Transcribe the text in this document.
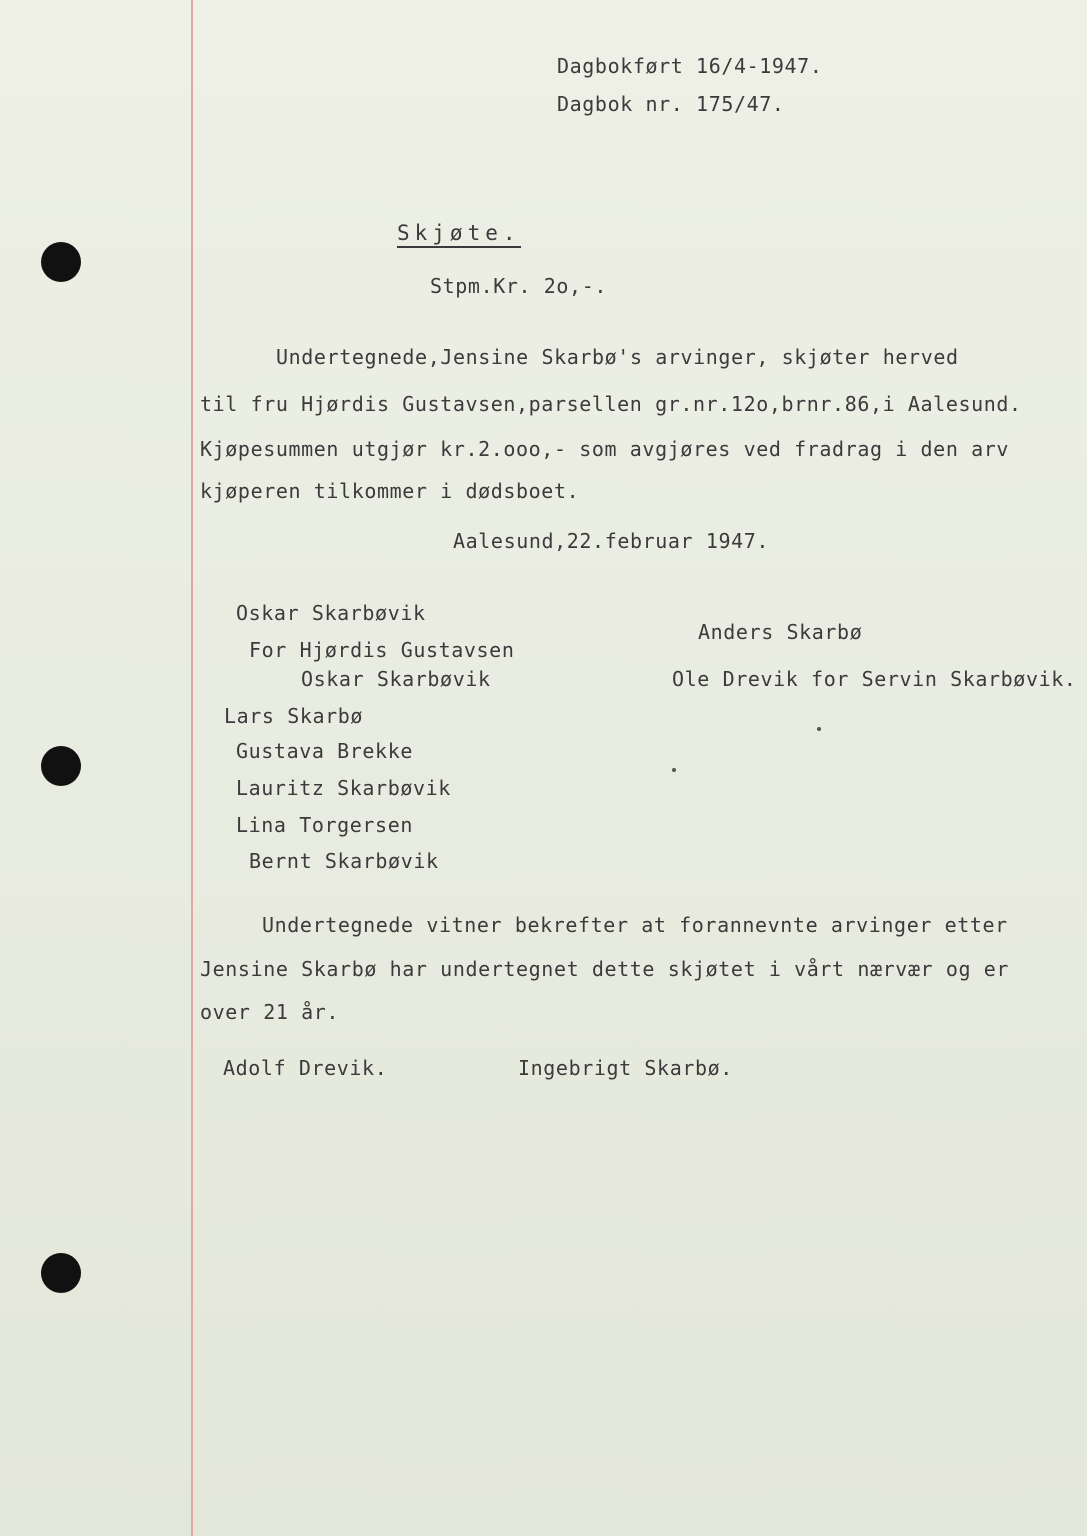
Dagbokført 16/4-1947.
Dagbok nr. 175/47.
Skjøte.
Stpm.Kr. 2o,-.
Undertegnede,Jensine Skarbø's arvinger, skjøter herved
til fru Hjørdis Gustavsen,parsellen gr.nr.12o,brnr.86,i Aalesund.
Kjøpesummen utgjør kr.2.ooo,- som avgjøres ved fradrag i den arv
kjøperen tilkommer i dødsboet.
Aalesund,22.februar 1947.
Oskar Skarbøvik
For Hjørdis Gustavsen
Oskar Skarbøvik
Lars Skarbø
Gustava Brekke
Lauritz Skarbøvik
Lina Torgersen
Bernt Skarbøvik
Anders Skarbø
Ole Drevik for Servin Skarbøvik.
Undertegnede vitner bekrefter at forannevnte arvinger etter
Jensine Skarbø har undertegnet dette skjøtet i vårt nærvær og er
over 21 år.
Adolf Drevik.	Ingebrigt Skarbø.
